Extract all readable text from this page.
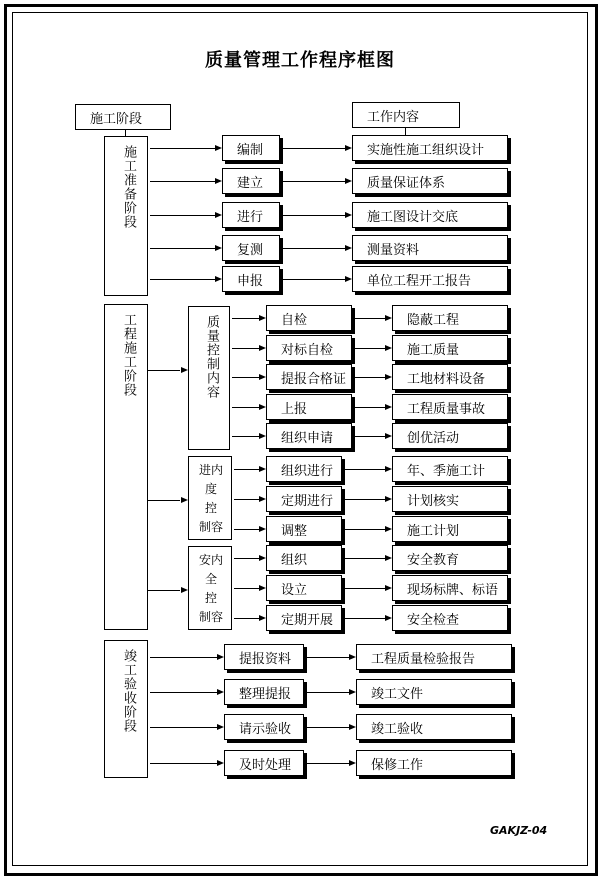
质量管理工作程序框图
施工阶段	工作内容
施工准备阶段
工程施工阶段
竣工验收阶段
质量控制内容
进内
度
控
制容
安内
全
控
制容
编制	实施性施工组织设计
建立	质量保证体系
进行	施工图设计交底
复测	测量资料
申报	单位工程开工报告
自检	隐蔽工程
对标自检	施工质量
提报合格证	工地材料设备
上报	工程质量事故
组织申请	创优活动
组织进行	年、季施工计
定期进行	计划核实
调整	施工计划
组织	安全教育
设立	现场标牌、标语
定期开展	安全检查
提报资料	工程质量检验报告
整理提报	竣工文件
请示验收	竣工验收
及时处理	保修工作
GAKJZ-04
